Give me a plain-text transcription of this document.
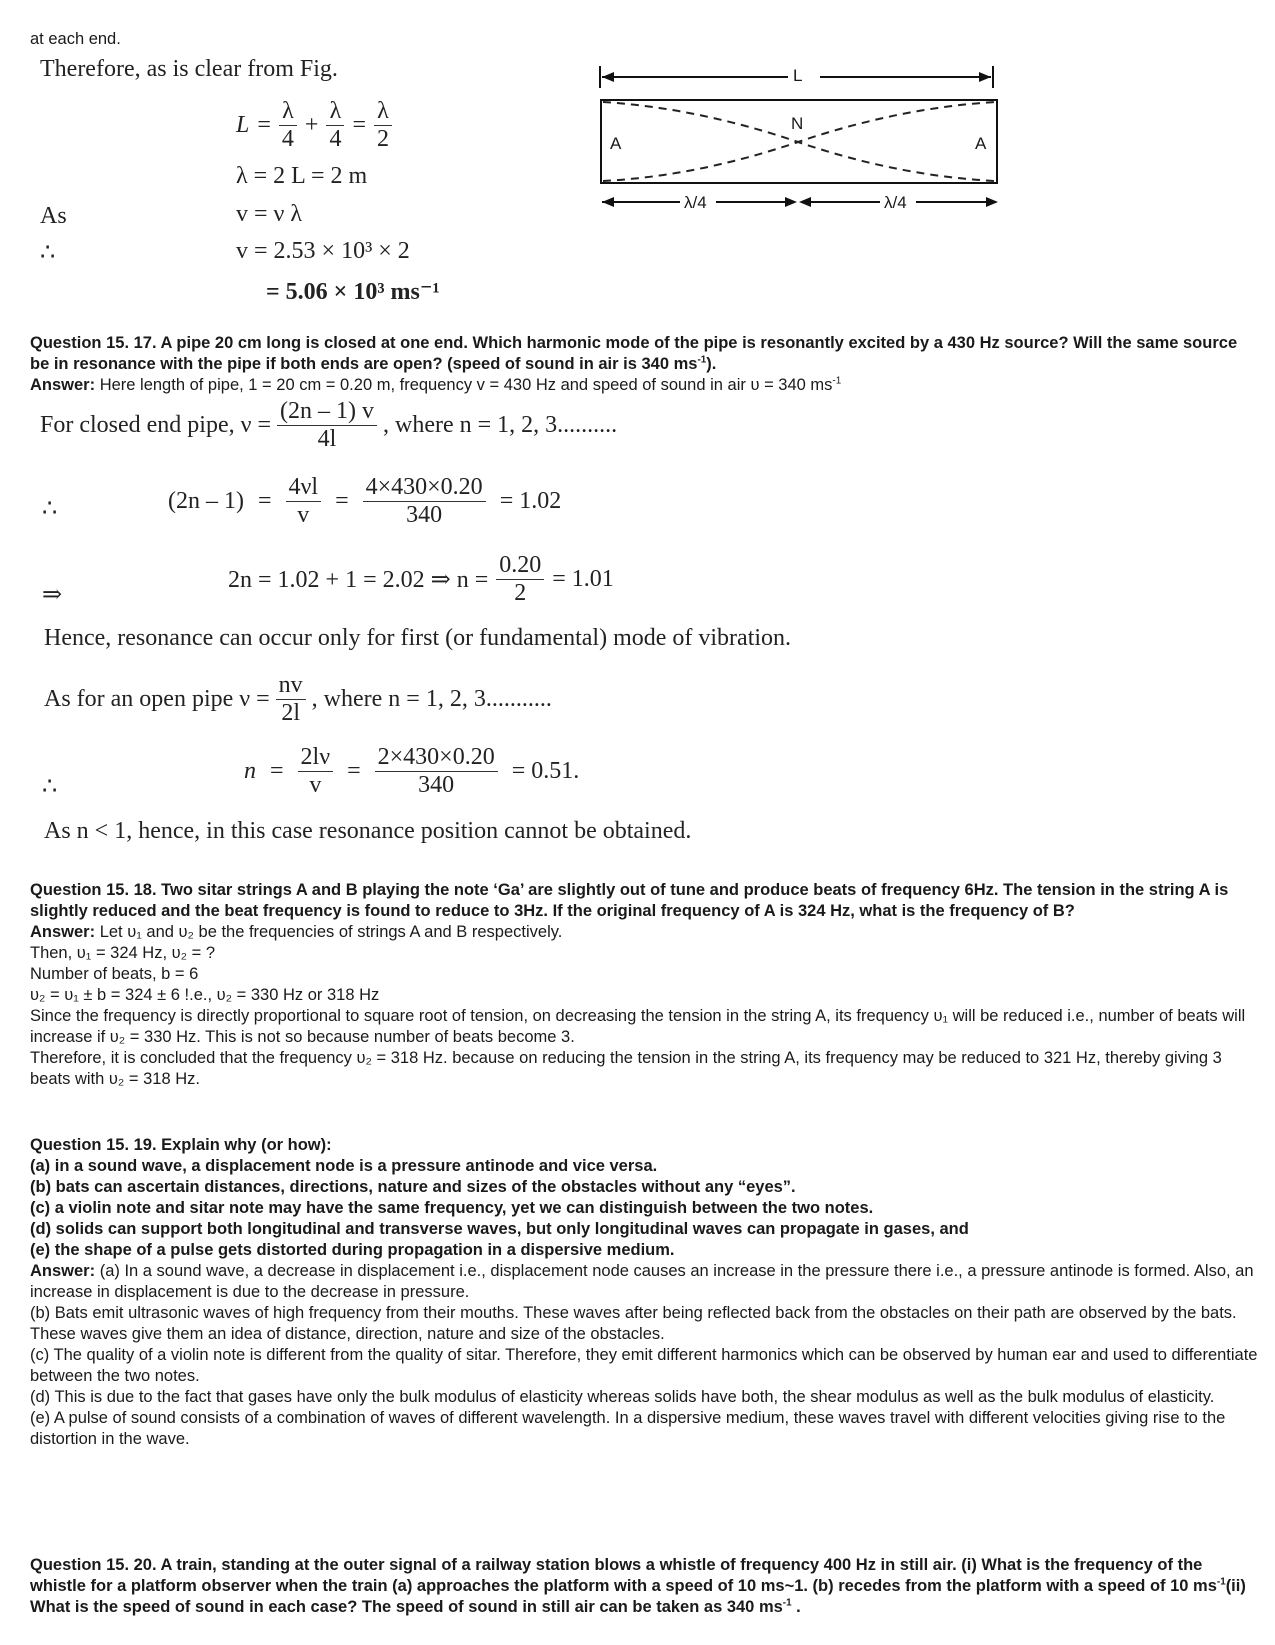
at each end.
Therefore, as is clear from Fig.
$L = \frac{\lambda}{4} + \frac{\lambda}{4} = \frac{\lambda}{2}$
λ = 2 L = 2 m
As	v = ν λ
∴	v = 2.53 × 10³ × 2
= 5.06 × 10³ ms⁻¹
L
N
A	A
λ/4	λ/4
Question 15. 17. A pipe 20 cm long is closed at one end. Which harmonic mode of the pipe is resonantly excited by a 430 Hz source? Will the same source be in resonance with the pipe if both ends are open? (speed of sound in air is 340 $ms^{-1}$).
Answer: Here length of pipe, 1 = 20 cm = 0.20 m, frequency v = 430 Hz and speed of sound in air υ = 340 $ms^{-1}$
For closed end pipe, $\nu = \frac{(2n - 1) v}{4l}$ , where n = 1, 2, 3..........
∴	$(2n - 1) = \frac{4\nu l}{v} = \frac{4\times 430\times 0.20}{340} = 1.02$
⇒
2n = 1.02 + 1 = 2.02 ⇒ $n = \frac{0.20}{2} = 1.01$
Hence, resonance can occur only for first (or fundamental) mode of vibration.
As for an open pipe $\nu = \frac{nv}{2l}$ , where n = 1, 2, 3...........
∴
$n = \frac{2l\nu}{v} = \frac{2\times 430\times 0.20}{340} = 0.51$.
As n < 1, hence, in this case resonance position cannot be obtained.
Question 15. 18. Two sitar strings A and B playing the note ‘Ga’ are slightly out of tune and produce beats of frequency 6Hz. The tension in the string A is slightly reduced and the beat frequency is found to reduce to 3Hz. If the original frequency of A is 324 Hz, what is the frequency of B?
Answer: Let υ₁ and υ₂ be the frequencies of strings A and B respectively.
Then, υ₁ = 324 Hz, υ₂ = ?
Number of beats, b = 6
υ₂ = υ₁ ± b = 324 ± 6 !.e., υ₂ = 330 Hz or 318 Hz
Since the frequency is directly proportional to square root of tension, on decreasing the tension in the string A, its frequency υ₁ will be reduced i.e., number of beats will increase if υ₂ = 330 Hz. This is not so because number of beats become 3.
Therefore, it is concluded that the frequency υ₂ = 318 Hz. because on reducing the tension in the string A, its frequency may be reduced to 321 Hz, thereby giving 3 beats with υ₂ = 318 Hz.
Question 15. 19. Explain why (or how):
(a) in a sound wave, a displacement node is a pressure antinode and vice versa.
(b) bats can ascertain distances, directions, nature and sizes of the obstacles without any “eyes”.
(c) a violin note and sitar note may have the same frequency, yet we can distinguish between the two notes.
(d) solids can support both longitudinal and transverse waves, but only longitudinal waves can propagate in gases, and
(e) the shape of a pulse gets distorted during propagation in a dispersive medium.
Answer: (a) In a sound wave, a decrease in displacement i.e., displacement node causes an increase in the pressure there i.e., a pressure antinode is formed. Also, an increase in displacement is due to the decrease in pressure.
(b) Bats emit ultrasonic waves of high frequency from their mouths. These waves after being reflected back from the obstacles on their path are observed by the bats. These waves give them an idea of distance, direction, nature and size of the obstacles.
(c) The quality of a violin note is different from the quality of sitar. Therefore, they emit different harmonics which can be observed by human ear and used to differentiate between the two notes.
(d) This is due to the fact that gases have only the bulk modulus of elasticity whereas solids have both, the shear modulus as well as the bulk modulus of elasticity.
(e) A pulse of sound consists of a combination of waves of different wavelength. In a dispersive medium, these waves travel with different velocities giving rise to the distortion in the wave.
Question 15. 20. A train, standing at the outer signal of a railway station blows a whistle of frequency 400 Hz in still air. (i) What is the frequency of the whistle for a platform observer when the train (a) approaches the platform with a speed of 10 ms~1. (b) recedes from the platform with a speed of 10 $ms^{-1}(ii)$ What is the speed of sound in each case? The speed of sound in still air can be taken as 340 $ms^{-1}$ .
